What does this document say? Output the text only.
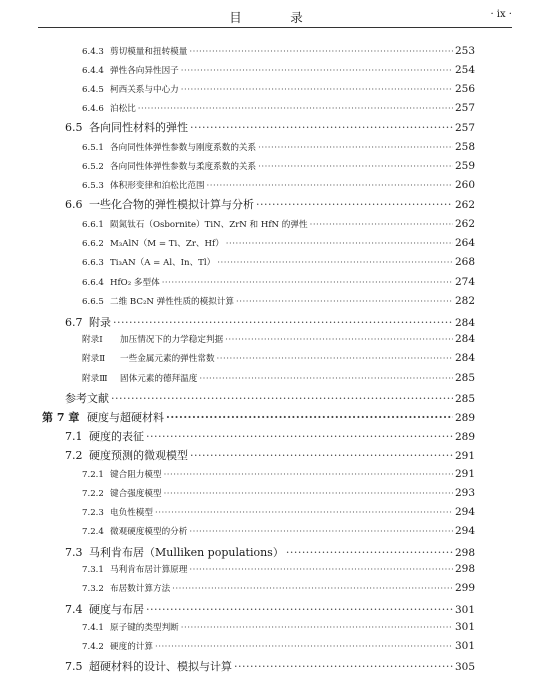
目　录	· ix ·
6.4.3 剪切模量和扭转模量 ·····	253
6.4.4 弹性各向异性因子 ·····	254
6.4.5 柯西关系与中心力 ·····	256
6.4.6 泊松比 ·····	257
6.5 各向同性材料的弹性 ·····	257
6.5.1 各向同性体弹性参数与刚度系数的关系 ·····	258
6.5.2 各向同性体弹性参数与柔度系数的关系 ·····	259
6.5.3 体积形变律和泊松比范围 ·····	260
6.6 一些化合物的弹性模拟计算与分析 ·····	262
6.6.1 陨氮钛石（Osbornite）TiN、ZrN 和 HfN 的弹性 ·····	262
6.6.2 M₃AlN（M = Ti、Zr、Hf） ·····	264
6.6.3 Ti₃AN（A = Al、In、Tl） ·····	268
6.6.4 HfO₂ 多型体 ·····	274
6.6.5 二维 BC₂N 弹性性质的模拟计算 ·····	282
6.7 附录 ·····	284
附录Ⅰ	加压情况下的力学稳定判据 ·····	284
附录Ⅱ	一些金属元素的弹性常数 ·····	284
附录Ⅲ	固体元素的德拜温度 ·····	285
参考文献 ·····	285
第 7 章 硬度与超硬材料 ·····	289
7.1 硬度的表征 ·····	289
7.2 硬度预测的微观模型 ·····	291
7.2.1 键合阻力模型 ·····	291
7.2.2 键合强度模型 ·····	293
7.2.3 电负性模型 ·····	294
7.2.4 微观硬度模型的分析 ·····	294
7.3 马利肯布居（Mulliken populations） ·····	298
7.3.1 马利肯布居计算原理 ·····	298
7.3.2 布居数计算方法 ·····	299
7.4 硬度与布居 ·····	301
7.4.1 原子键的类型判断 ·····	301
7.4.2 硬度的计算 ·····	301
7.5 超硬材料的设计、模拟与计算 ·····	305
